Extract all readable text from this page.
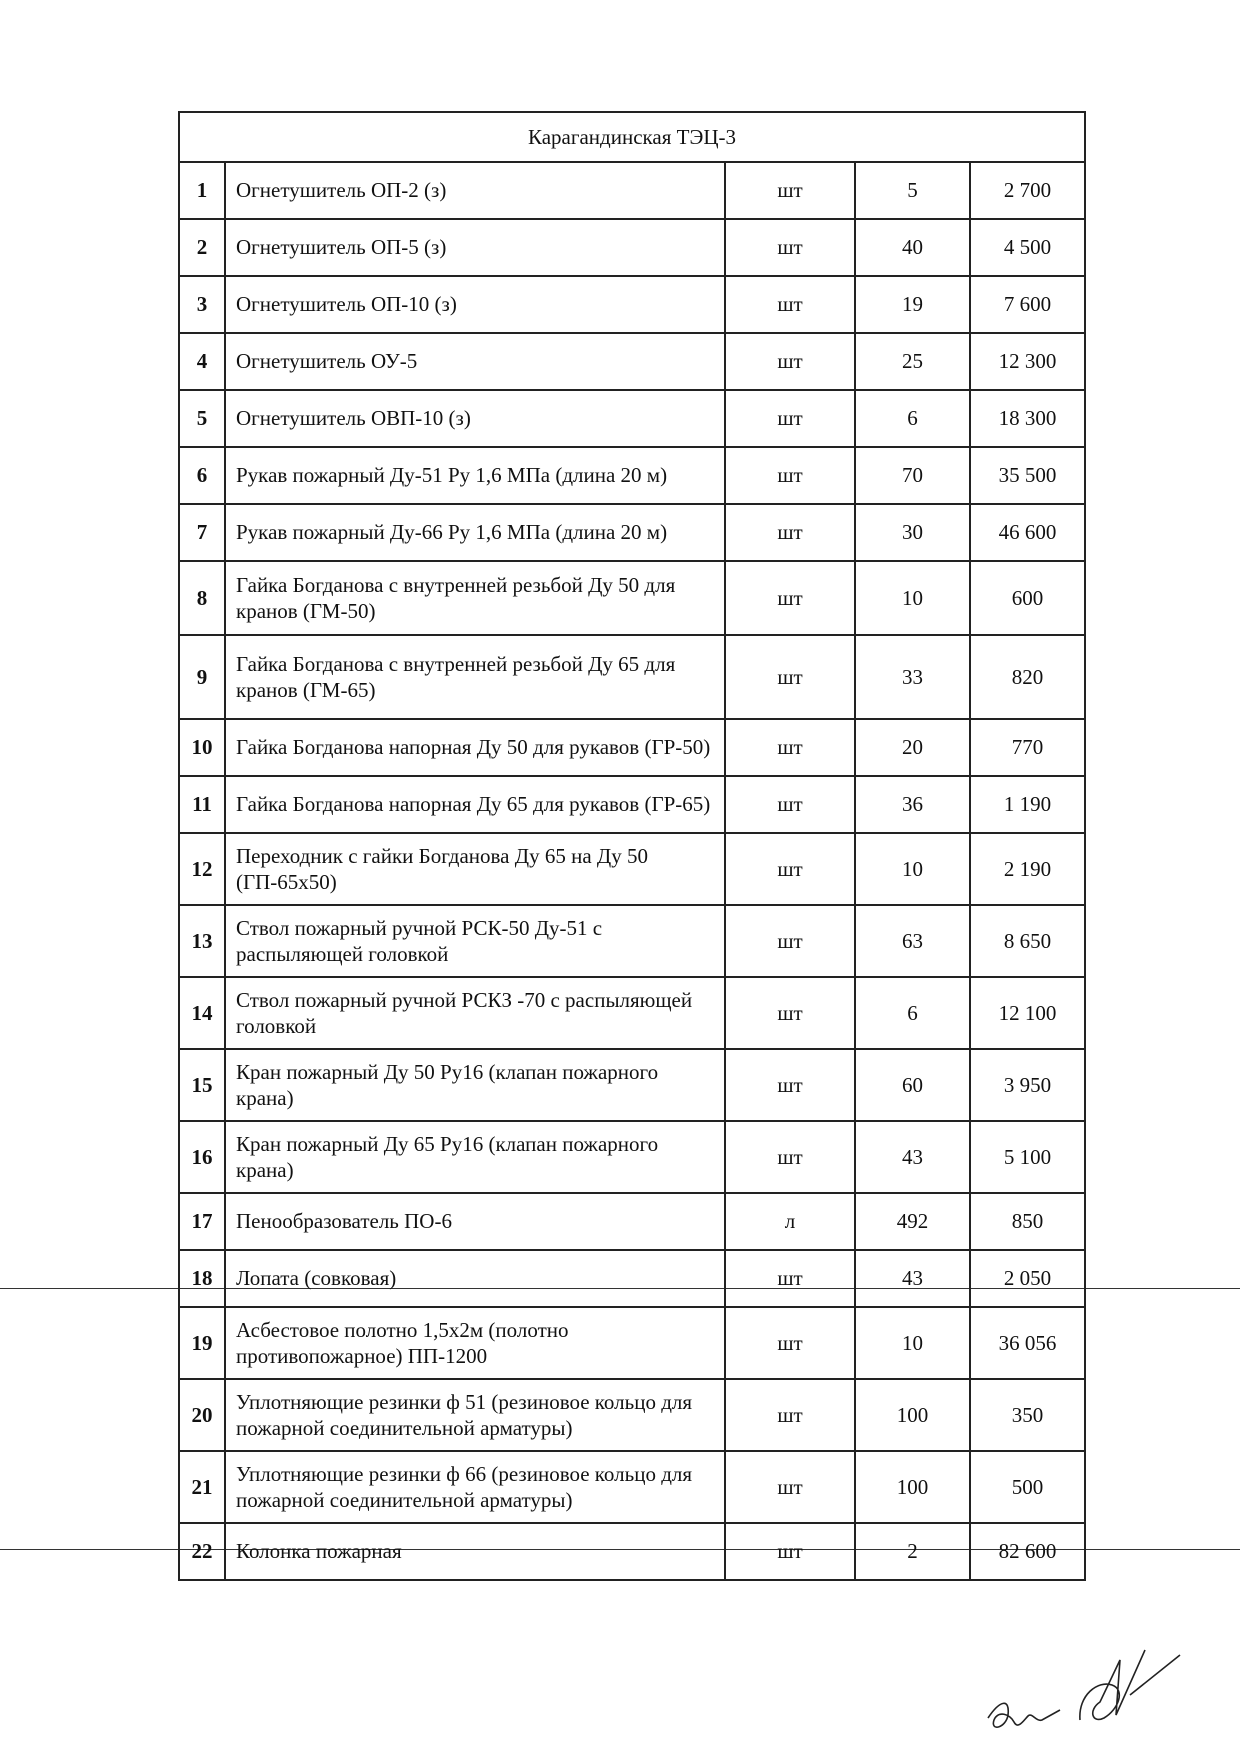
Карагандинская ТЭЦ-3				
1	Огнетушитель ОП-2 (з)	шт	5	2 700
2	Огнетушитель ОП-5 (з)	шт	40	4 500
3	Огнетушитель ОП-10 (з)	шт	19	7 600
4	Огнетушитель ОУ-5	шт	25	12 300
5	Огнетушитель ОВП-10 (з)	шт	6	18 300
6	Рукав пожарный Ду-51 Ру 1,6 МПа (длина 20 м)	шт	70	35 500
7	Рукав пожарный Ду-66 Ру 1,6 МПа (длина 20 м)	шт	30	46 600
8	Гайка Богданова с внутренней резьбой Ду 50 для кранов (ГМ-50)	шт	10	600
9	Гайка Богданова с внутренней резьбой Ду 65 для кранов (ГМ-65)	шт	33	820
10	Гайка Богданова напорная Ду 50 для рукавов (ГР-50)	шт	20	770
11	Гайка Богданова напорная Ду 65 для рукавов (ГР-65)	шт	36	1 190
12	Переходник с гайки Богданова Ду 65 на Ду 50 (ГП-65х50)	шт	10	2 190
13	Ствол пожарный ручной РСК-50 Ду-51 с распыляющей головкой	шт	63	8 650
14	Ствол пожарный ручной РСКЗ -70 с распыляющей головкой	шт	6	12 100
15	Кран пожарный Ду 50 Ру16 (клапан пожарного крана)	шт	60	3 950
16	Кран пожарный Ду 65 Ру16 (клапан пожарного крана)	шт	43	5 100
17	Пенообразователь ПО-6	л	492	850
18	Лопата (совковая)	шт	43	2 050
19	Асбестовое полотно 1,5х2м (полотно противопожарное) ПП-1200	шт	10	36 056
20	Уплотняющие резинки ф 51 (резиновое кольцо для пожарной соединительной арматуры)	шт	100	350
21	Уплотняющие резинки ф 66 (резиновое кольцо для пожарной соединительной арматуры)	шт	100	500
22	Колонка пожарная	шт	2	82 600
